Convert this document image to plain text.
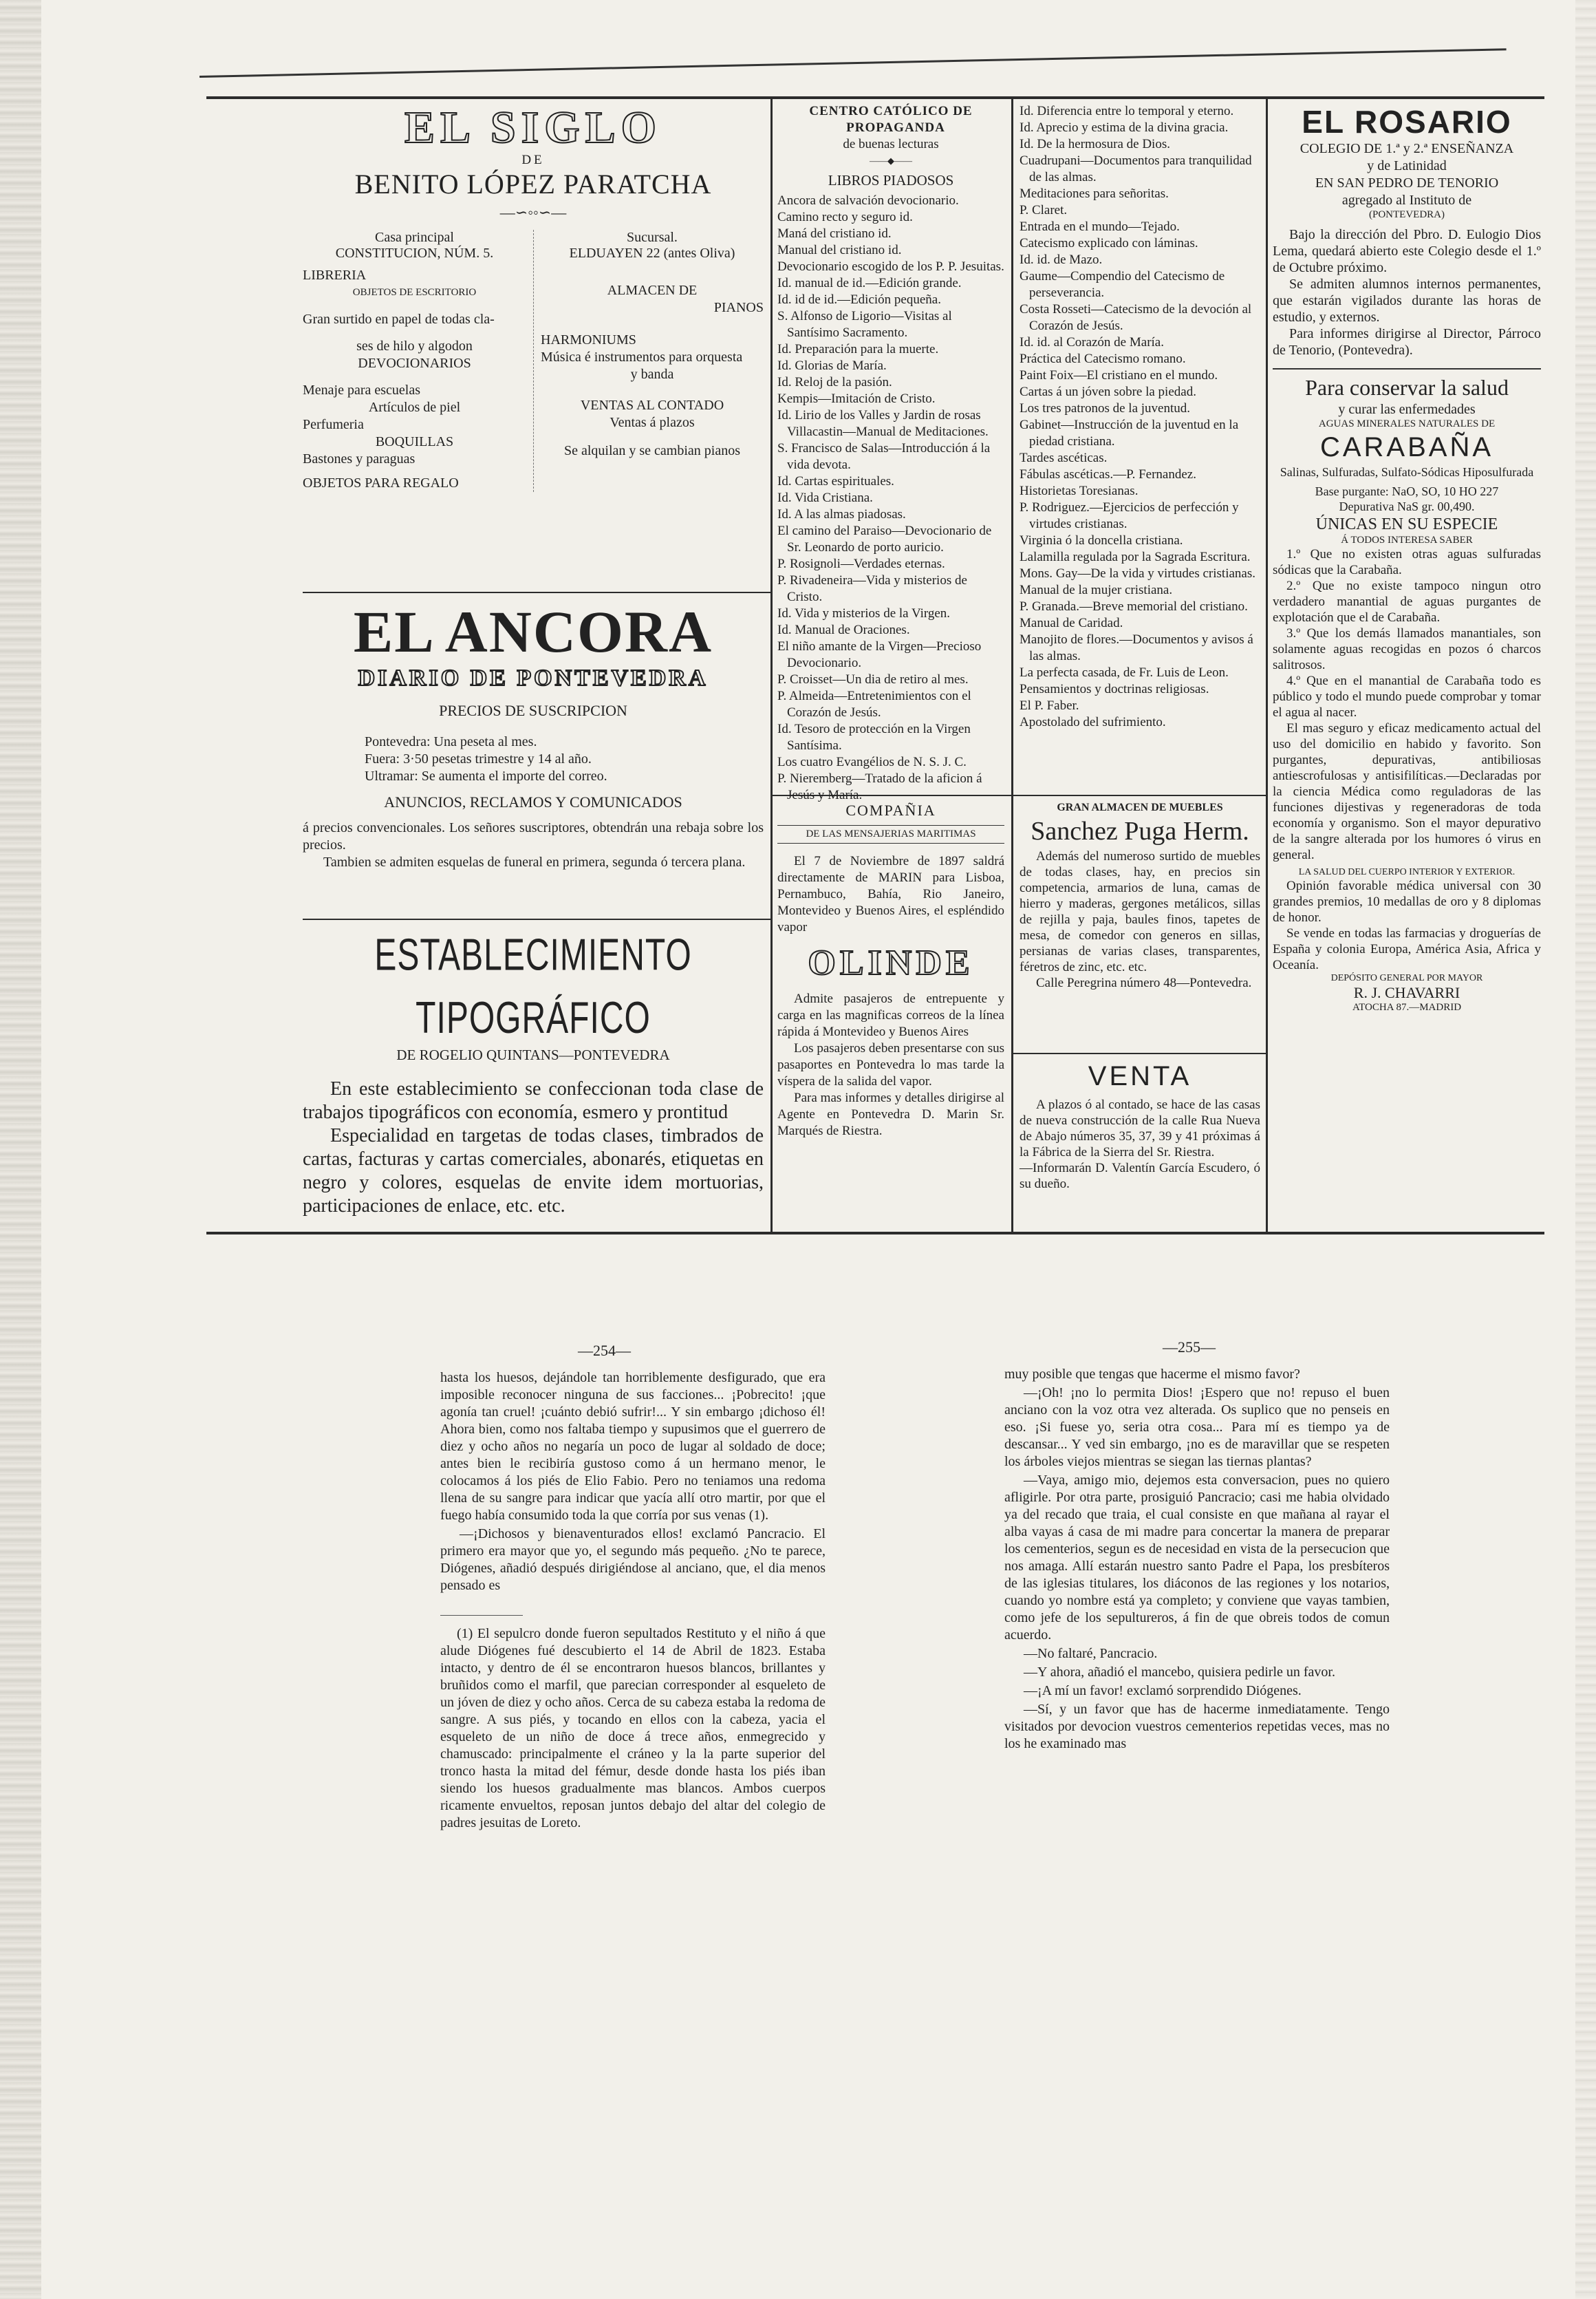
EL SIGLO
DE
BENITO LÓPEZ PARATCHA
—∽◦◦∽—
Casa principal
CONSTITUCION, NÚM. 5.
LIBRERIA
OBJETOS DE ESCRITORIO
Gran surtido en papel de todas cla-
ses de hilo y algodon
DEVOCIONARIOS
Menaje para escuelas
Artículos de piel
Perfumeria
BOQUILLAS
Bastones y paraguas
OBJETOS PARA REGALO
Sucursal.
ELDUAYEN 22 (antes Oliva)
ALMACEN DE
PIANOS
HARMONIUMS
Música é instrumentos para orquesta
y banda
VENTAS AL CONTADO
Ventas á plazos
Se alquilan y se cambian pianos
EL ANCORA
DIARIO DE PONTEVEDRA
PRECIOS DE SUSCRIPCION
Pontevedra: Una peseta al mes.
Fuera: 3·50 pesetas trimestre y 14 al año.
Ultramar: Se aumenta el importe del correo.
ANUNCIOS, RECLAMOS Y COMUNICADOS

á precios convencionales. Los señores suscriptores, obtendrán una rebaja sobre los precios.

Tambien se admiten esquelas de funeral en primera, segunda ó tercera plana.

ESTABLECIMIENTO TIPOGRÁFICO
DE ROGELIO QUINTANS—PONTEVEDRA

En este establecimiento se confeccionan toda clase de trabajos tipográficos con economía, esmero y prontitud

Especialidad en targetas de todas clases, timbrados de cartas, facturas y cartas comerciales, abonarés, etiquetas en negro y colores, esquelas de envite idem mortuorias, participaciones de enlace, etc. etc.

CENTRO CATÓLICO DE PROPAGANDA
de buenas lecturas
——◆——
LIBROS PIADOSOS
Ancora de salvación devocionario.
Camino recto y seguro id.
Maná del cristiano id.
Manual del cristiano id.
Devocionario escogido de los P. P. Jesuitas.
Id. manual de id.—Edición grande.
Id. id de id.—Edición pequeña.
S. Alfonso de Ligorio—Visitas al Santísimo Sacramento.
Id. Preparación para la muerte.
Id. Glorias de María.
Id. Reloj de la pasión.
Kempis—Imitación de Cristo.
Id. Lirio de los Valles y Jardin de rosas Villacastin—Manual de Meditaciones.
S. Francisco de Salas—Introducción á la vida devota.
Id. Cartas espirituales.
Id. Vida Cristiana.
Id. A las almas piadosas.
El camino del Paraiso—Devocionario de Sr. Leonardo de porto auricio.
P. Rosignoli—Verdades eternas.
P. Rivadeneira—Vida y misterios de Cristo.
Id. Vida y misterios de la Virgen.
Id. Manual de Oraciones.
El niño amante de la Virgen—Precioso Devocionario.
P. Croisset—Un dia de retiro al mes.
P. Almeida—Entretenimientos con el Corazón de Jesús.
Id. Tesoro de protección en la Virgen Santísima.
Los cuatro Evangélios de N. S. J. C.
P. Nieremberg—Tratado de la aficion á Jesús y María.
Id. Diferencia entre lo temporal y eterno.
Id. Aprecio y estima de la divina gracia.
Id. De la hermosura de Dios.
Cuadrupani—Documentos para tranquilidad de las almas.
Meditaciones para señoritas.
P. Claret.
Entrada en el mundo—Tejado.
Catecismo explicado con láminas.
Id. id. de Mazo.
Gaume—Compendio del Catecismo de perseverancia.
Costa Rosseti—Catecismo de la devoción al Corazón de Jesús.
Id. id. al Corazón de María.
Práctica del Catecismo romano.
Paint Foix—El cristiano en el mundo.
Cartas á un jóven sobre la piedad.
Los tres patronos de la juventud.
Gabinet—Instrucción de la juventud en la piedad cristiana.
Tardes ascéticas.
Fábulas ascéticas.—P. Fernandez.
Historietas Toresianas.
P. Rodriguez.—Ejercicios de perfección y virtudes cristianas.
Virginia ó la doncella cristiana.
Lalamilla regulada por la Sagrada Escritura.
Mons. Gay—De la vida y virtudes cristianas.
Manual de la mujer cristiana.
P. Granada.—Breve memorial del cristiano.
Manual de Caridad.
Manojito de flores.—Documentos y avisos á las almas.
La perfecta casada, de Fr. Luis de Leon.
Pensamientos y doctrinas religiosas.
El P. Faber.
Apostolado del sufrimiento.
COMPAÑIA
DE LAS MENSAJERIAS MARITIMAS

El 7 de Noviembre de 1897 saldrá directamente de MARIN para Lisboa, Pernambuco, Bahía, Rio Janeiro, Montevideo y Buenos Aires, el espléndido vapor

OLINDE

Admite pasajeros de entrepuente y carga en las magnificas correos de la línea rápida á Montevideo y Buenos Aires

Los pasajeros deben presentarse con sus pasaportes en Pontevedra lo mas tarde la víspera de la salida del vapor.

Para mas informes y detalles dirigirse al Agente en Pontevedra D. Marin Sr. Marqués de Riestra.

GRAN ALMACEN DE MUEBLES
Sanchez Puga Herm.

Además del numeroso surtido de muebles de todas clases, hay, en precios sin competencia, armarios de luna, camas de hierro y maderas, gergones metálicos, sillas de rejilla y paja, baules finos, tapetes de mesa, de comedor con generos en sillas, persianas de varias clases, transparentes, féretros de zinc, etc. etc.

Calle Peregrina número 48—Pontevedra.

VENTA

A plazos ó al contado, se hace de las casas de nueva construcción de la calle Rua Nueva de Abajo números 35, 37, 39 y 41 próximas á la Fábrica de la Sierra del Sr. Riestra.

—Informarán D. Valentín García Escudero, ó su dueño.

EL ROSARIO
COLEGIO DE 1.ª y 2.ª ENSEÑANZA
y de Latinidad
EN SAN PEDRO DE TENORIO
agregado al Instituto de
(PONTEVEDRA)

Bajo la dirección del Pbro. D. Eulogio Dios Lema, quedará abierto este Colegio desde el 1.º de Octubre próximo.

Se admiten alumnos internos permanentes, que estarán vigilados durante las horas de estudio, y externos.

Para informes dirigirse al Director, Párroco de Tenorio, (Pontevedra).

Para conservar la salud
y curar las enfermedades
AGUAS MINERALES NATURALES DE
CARABAÑA
Salinas, Sulfuradas, Sulfato-Sódicas Hiposulfurada
Base purgante: NaO, SO, 10 HO 227
Depurativa NaS gr. 00,490.
ÚNICAS EN SU ESPECIE
Á TODOS INTERESA SABER

1.º Que no existen otras aguas sulfuradas sódicas que la Carabaña.

2.º Que no existe tampoco ningun otro verdadero manantial de aguas purgantes de explotación que el de Carabaña.

3.º Que los demás llamados manantiales, son solamente aguas recogidas en pozos ó charcos salitrosos.

4.º Que en el manantial de Carabaña todo es público y todo el mundo puede comprobar y tomar el agua al nacer.

El mas seguro y eficaz medicamento actual del uso del domicilio en habido y favorito. Son purgantes, depurativas, antibiliosas antiescrofulosas y antisifilíticas.—Declaradas por la ciencia Médica como reguladoras de las funciones dijestivas y regeneradoras de toda economía y organismo. Son el mayor depurativo de la sangre alterada por los humores ó virus en general.

LA SALUD DEL CUERPO INTERIOR Y EXTERIOR.

Opinión favorable médica universal con 30 grandes premios, 10 medallas de oro y 8 diplomas de honor.

Se vende en todas las farmacias y droguerías de España y colonia Europa, América Asia, Africa y Oceanía.

DEPÓSITO GENERAL POR MAYOR
R. J. CHAVARRI
ATOCHA 87.—MADRID
—254—	—255—

hasta los huesos, dejándole tan horriblemente desfigurado, que era imposible reconocer ninguna de sus facciones... ¡Pobrecito! ¡que agonía tan cruel! ¡cuánto debió sufrir!... Y sin embargo ¡dichoso él! Ahora bien, como nos faltaba tiempo y supusimos que el guerrero de diez y ocho años no negaría un poco de lugar al soldado de doce; antes bien le recibiría gustoso como á un hermano menor, le colocamos á los piés de Elio Fabio. Pero no teniamos una redoma llena de su sangre para indicar que yacía allí otro martir, por que el fuego había consumido toda la que corría por sus venas (1).

—¡Dichosos y bienaventurados ellos! exclamó Pancracio. El primero era mayor que yo, el segundo más pequeño. ¿No te parece, Diógenes, añadió después dirigiéndose al anciano, que, el dia menos pensado es

(1) El sepulcro donde fueron sepultados Restituto y el niño á que alude Diógenes fué descubierto el 14 de Abril de 1823. Estaba intacto, y dentro de él se encontraron huesos blancos, brillantes y bruñidos como el marfil, que parecian corresponder al esqueleto de un jóven de diez y ocho años. Cerca de su cabeza estaba la redoma de sangre. A sus piés, y tocando en ellos con la cabeza, yacia el esqueleto de un niño de doce á trece años, enmegrecido y chamuscado: principalmente el cráneo y la la parte superior del tronco hasta la mitad del fémur, desde donde hasta los piés iban siendo los huesos gradualmente mas blancos. Ambos cuerpos ricamente envueltos, reposan juntos debajo del altar del colegio de padres jesuitas de Loreto.

muy posible que tengas que hacerme el mismo favor?

—¡Oh! ¡no lo permita Dios! ¡Espero que no! repuso el buen anciano con la voz otra vez alterada. Os suplico que no penseis en eso. ¡Si fuese yo, seria otra cosa... Para mí es tiempo ya de descansar... Y ved sin embargo, ¡no es de maravillar que se respeten los árboles viejos mientras se siegan las tiernas plantas?

—Vaya, amigo mio, dejemos esta conversacion, pues no quiero afligirle. Por otra parte, prosiguió Pancracio; casi me habia olvidado ya del recado que traia, el cual consiste en que mañana al rayar el alba vayas á casa de mi madre para concertar la manera de preparar los cementerios, segun es de necesidad en vista de la persecucion que nos amaga. Allí estarán nuestro santo Padre el Papa, los presbíteros de las iglesias titulares, los diáconos de las regiones y los notarios, cuando yo nombre está ya completo; y conviene que vayas tambien, como jefe de los sepultureros, á fin de que obreis todos de comun acuerdo.

—No faltaré, Pancracio.

—Y ahora, añadió el mancebo, quisiera pedirle un favor.

—¡A mí un favor! exclamó sorprendido Diógenes.

—Sí, y un favor que has de hacerme inmediatamente. Tengo visitados por devocion vuestros cementerios repetidas veces, mas no los he examinado mas
